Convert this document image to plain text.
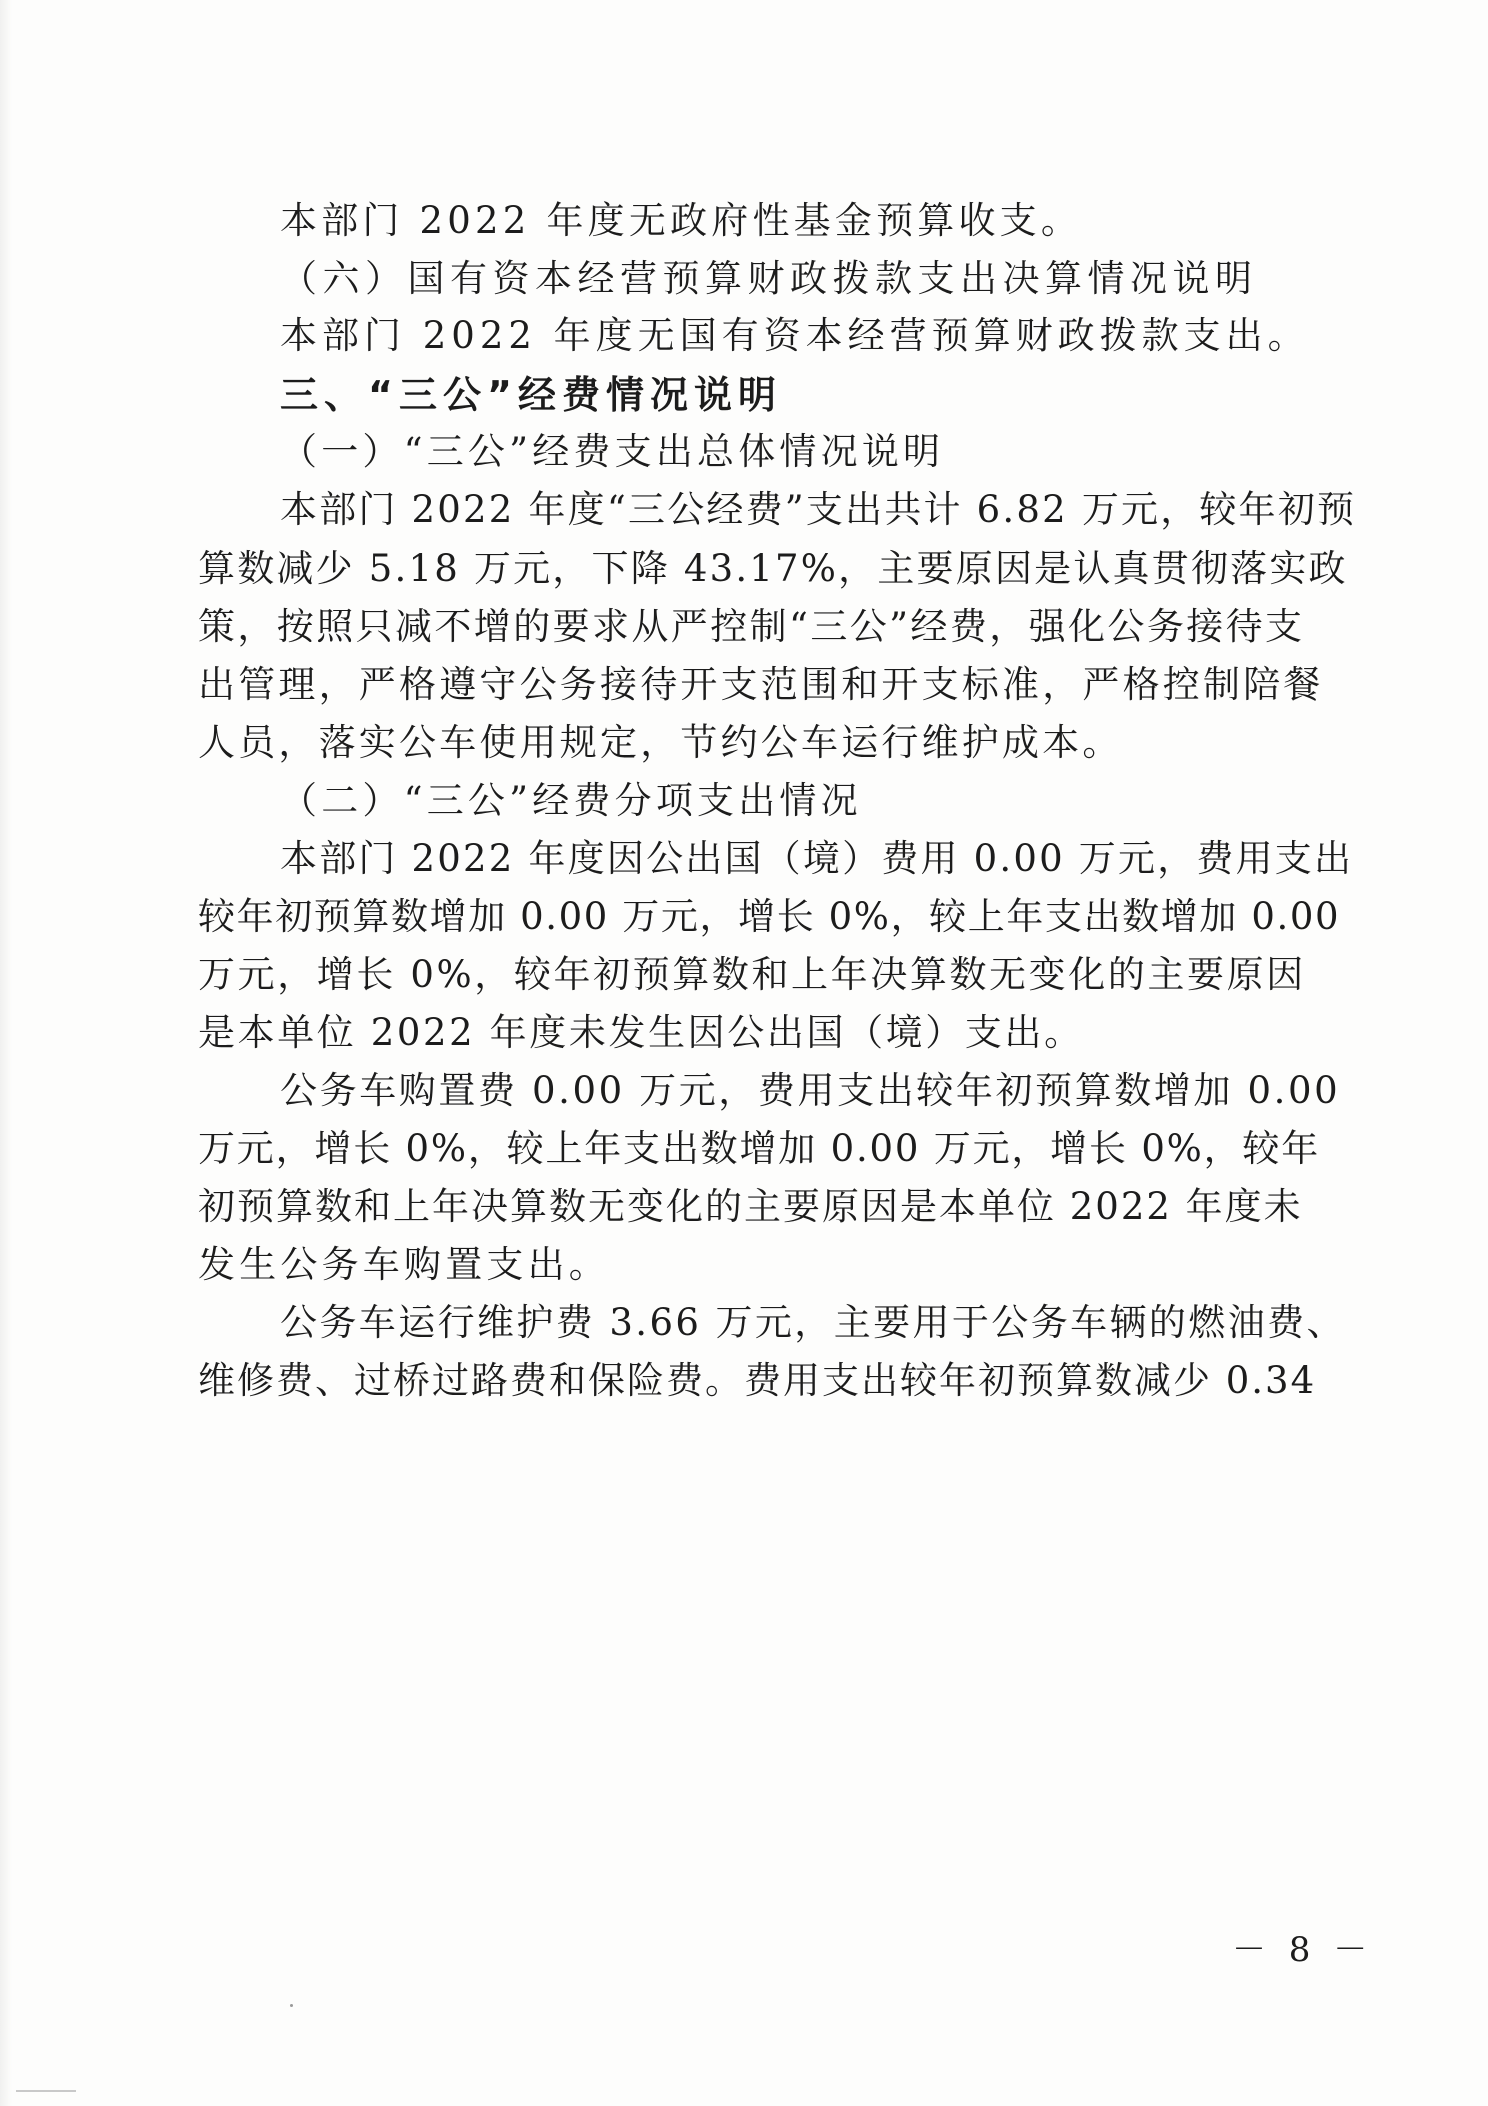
本部门 2022 年度无政府性基金预算收支。
（六）国有资本经营预算财政拨款支出决算情况说明
本部门 2022 年度无国有资本经营预算财政拨款支出。
三、“三公”经费情况说明
（一）“三公”经费支出总体情况说明
本部门 2022 年度“三公经费”支出共计 6.82 万元，较年初预
算数减少 5.18 万元，下降 43.17%，主要原因是认真贯彻落实政
策，按照只减不增的要求从严控制“三公”经费，强化公务接待支
出管理，严格遵守公务接待开支范围和开支标准，严格控制陪餐
人员，落实公车使用规定，节约公车运行维护成本。
（二）“三公”经费分项支出情况
本部门 2022 年度因公出国（境）费用 0.00 万元，费用支出
较年初预算数增加 0.00 万元，增长 0%，较上年支出数增加 0.00
万元，增长 0%，较年初预算数和上年决算数无变化的主要原因
是本单位 2022 年度未发生因公出国（境）支出。
公务车购置费 0.00 万元，费用支出较年初预算数增加 0.00
万元，增长 0%，较上年支出数增加 0.00 万元，增长 0%，较年
初预算数和上年决算数无变化的主要原因是本单位 2022 年度未
发生公务车购置支出。
公务车运行维护费 3.66 万元，主要用于公务车辆的燃油费、
维修费、过桥过路费和保险费。费用支出较年初预算数减少 0.34
－ 8 －
